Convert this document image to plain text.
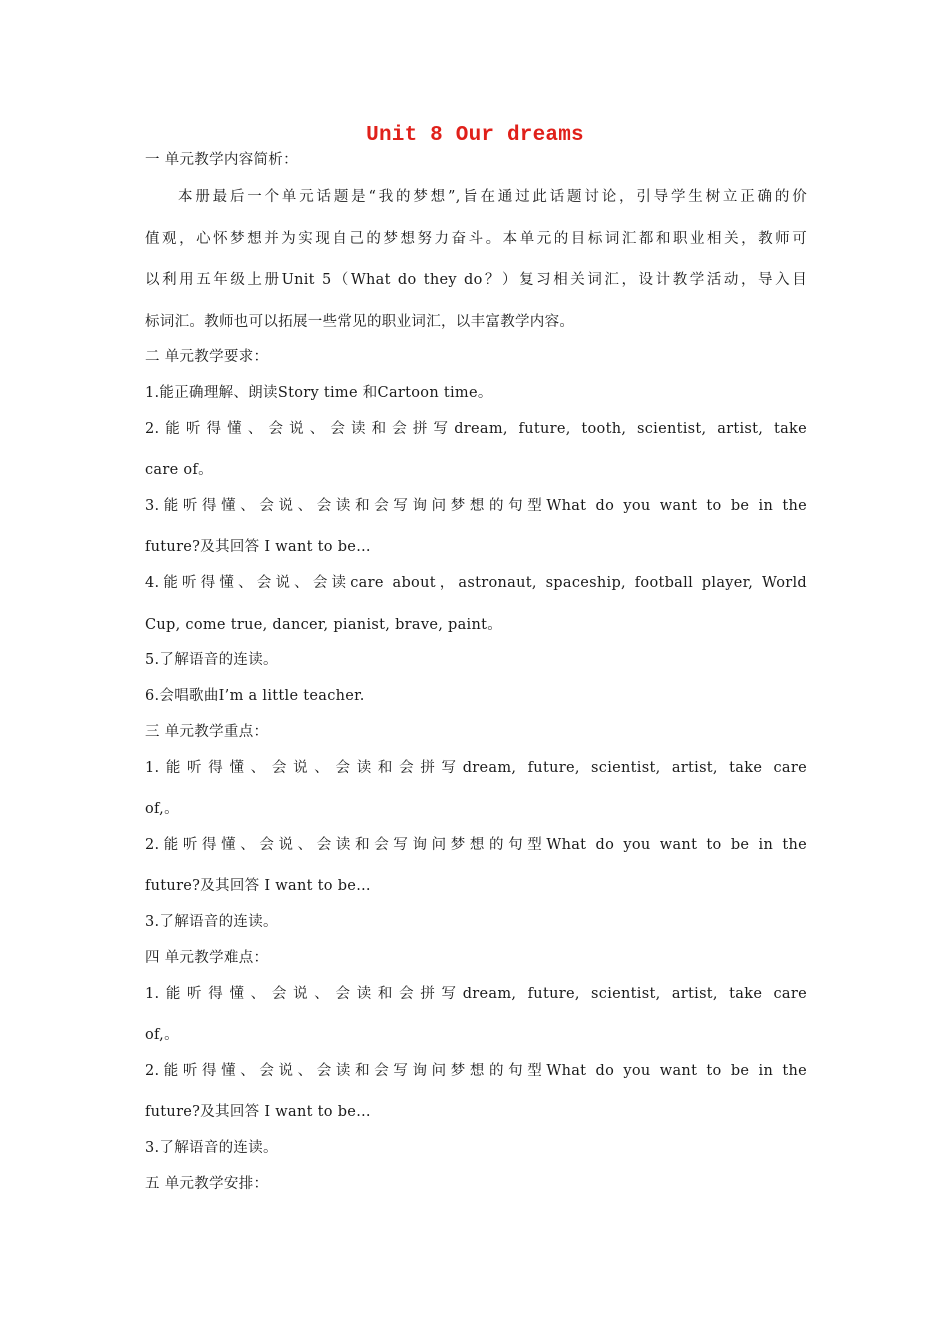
Unit 8 Our dreams
一 单元教学内容简析：
本册最后一个单元话题是“我的梦想”,旨在通过此话题讨论，引导学生树立正确的价
值观，心怀梦想并为实现自己的梦想努力奋斗。本单元的目标词汇都和职业相关，教师可
以利用五年级上册Unit 5（What do they do？）复习相关词汇，设计教学活动，导入目
标词汇。教师也可以拓展一些常见的职业词汇，以丰富教学内容。
二 单元教学要求：
1.能正确理解、朗读Story time 和Cartoon time。
2.能听得懂、会说、会读和会拼写dream, future, tooth, scientist, artist, take
care of。
3.能听得懂、会说、会读和会写询问梦想的句型What do you want to be in the
future?及其回答 I want to be…
4.能听得懂、会说、会读care about，astronaut, spaceship, football player, World
Cup, come true, dancer, pianist, brave, paint。
5.了解语音的连读。
6.会唱歌曲I’m a little teacher.
三 单元教学重点：
1.能听得懂、会说、会读和会拼写dream, future, scientist, artist, take care
of,。
2.能听得懂、会说、会读和会写询问梦想的句型What do you want to be in the
future?及其回答 I want to be…
3.了解语音的连读。
四 单元教学难点：
1.能听得懂、会说、会读和会拼写dream, future, scientist, artist, take care
of,。
2.能听得懂、会说、会读和会写询问梦想的句型What do you want to be in the
future?及其回答 I want to be…
3.了解语音的连读。
五 单元教学安排：
